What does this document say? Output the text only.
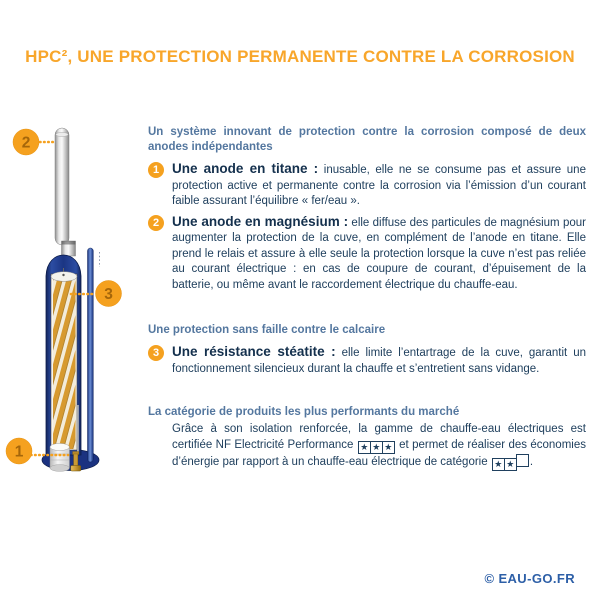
HPC², UNE PROTECTION PERMANENTE CONTRE LA CORROSION
2
3
1

Un système innovant de protection contre la corrosion composé de deux anodes indépendantes

1 Une anode en titane : inusable, elle ne se consume pas et assure une protection active et permanente contre la corrosion via l’émission d’un courant faible assurant l’équilibre « fer/eau ».

2 Une anode en magnésium : elle diffuse des particules de magnésium pour augmenter la protection de la cuve, en complément de l’anode en titane. Elle prend le relais et assure à elle seule la protection lorsque la cuve n’est pas reliée au courant électrique : en cas de coupure de courant, d’épuisement de la batterie, ou même avant le raccordement électrique du chauffe-eau.

Une protection sans faille contre le calcaire

3 Une résistance stéatite : elle limite l’entartrage de la cuve, garantit un fonctionnement silencieux durant la chauffe et s’entretient sans vidange.

La catégorie de produits les plus performants du marché

Grâce à son isolation renforcée, la gamme de chauffe-eau électriques est certifiée NF Electricité Performance ★ ★ ★ et permet de réaliser des économies d’énergie par rapport à un chauffe-eau électrique de catégorie ★ ★ .

© EAU-GO.FR
